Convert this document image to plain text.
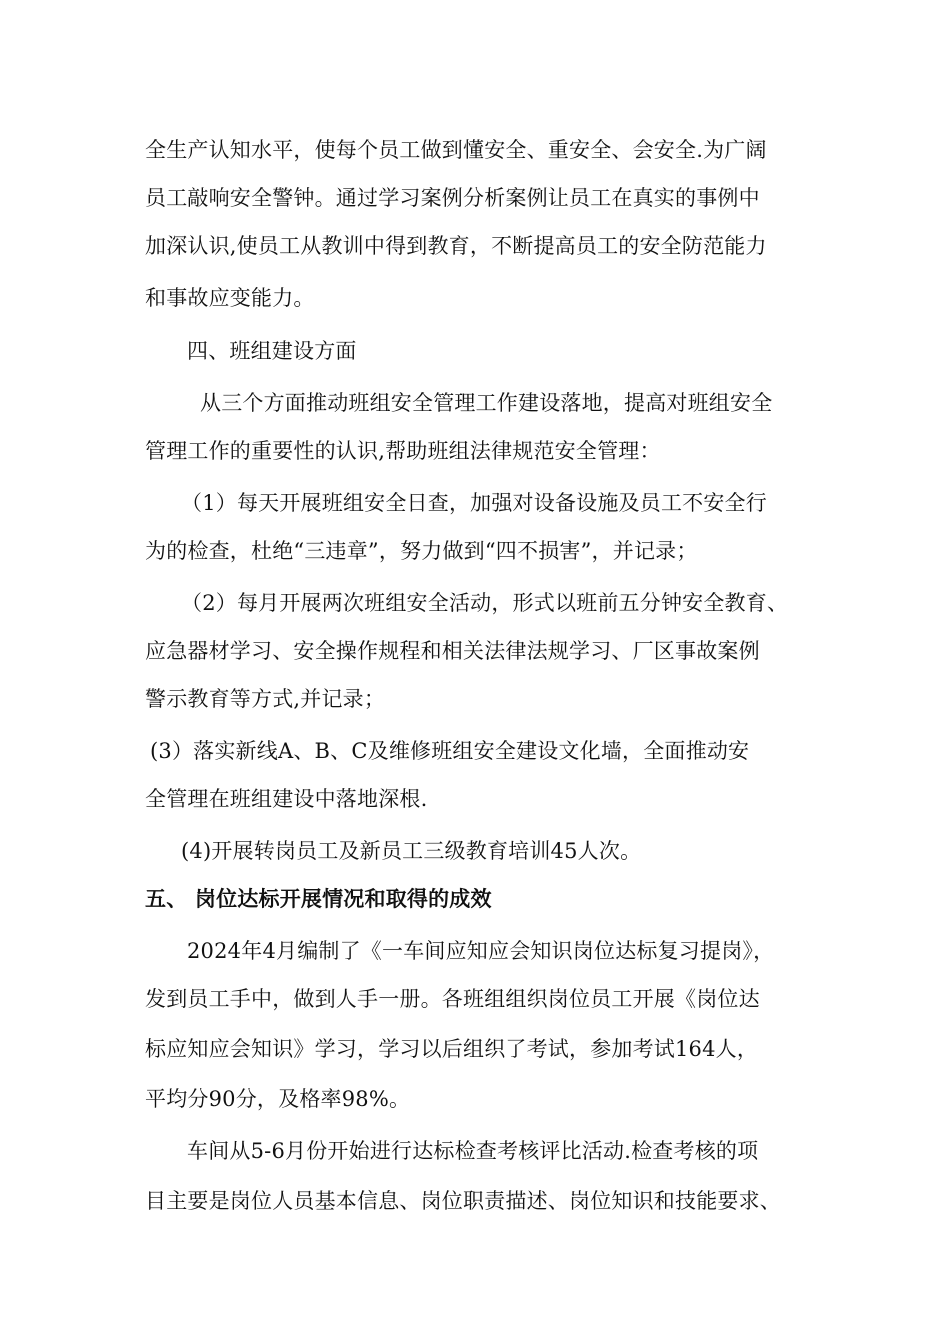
全生产认知水平，使每个员工做到懂安全、重安全、会安全.为广阔
员工敲响安全警钟。通过学习案例分析案例让员工在真实的事例中
加深认识,使员工从教训中得到教育，不断提高员工的安全防范能力
和事故应变能力。
四、班组建设方面
从三个方面推动班组安全管理工作建设落地，提高对班组安全
管理工作的重要性的认识,帮助班组法律规范安全管理：
（1）每天开展班组安全日查，加强对设备设施及员工不安全行
为的检查，杜绝“三违章”，努力做到“四不损害”，并记录；
（2）每月开展两次班组安全活动，形式以班前五分钟安全教育、
应急器材学习、安全操作规程和相关法律法规学习、厂区事故案例
警示教育等方式,并记录；
(3）落实新线A、B、C及维修班组安全建设文化墙，全面推动安
全管理在班组建设中落地深根.
(4)开展转岗员工及新员工三级教育培训45人次。
五、 岗位达标开展情况和取得的成效
2024年4月编制了《一车间应知应会知识岗位达标复习提岗》，
发到员工手中，做到人手一册。各班组组织岗位员工开展《岗位达
标应知应会知识》学习，学习以后组织了考试，参加考试164人，
平均分90分，及格率98%。
车间从5-6月份开始进行达标检查考核评比活动.检查考核的项
目主要是岗位人员基本信息、岗位职责描述、岗位知识和技能要求、
